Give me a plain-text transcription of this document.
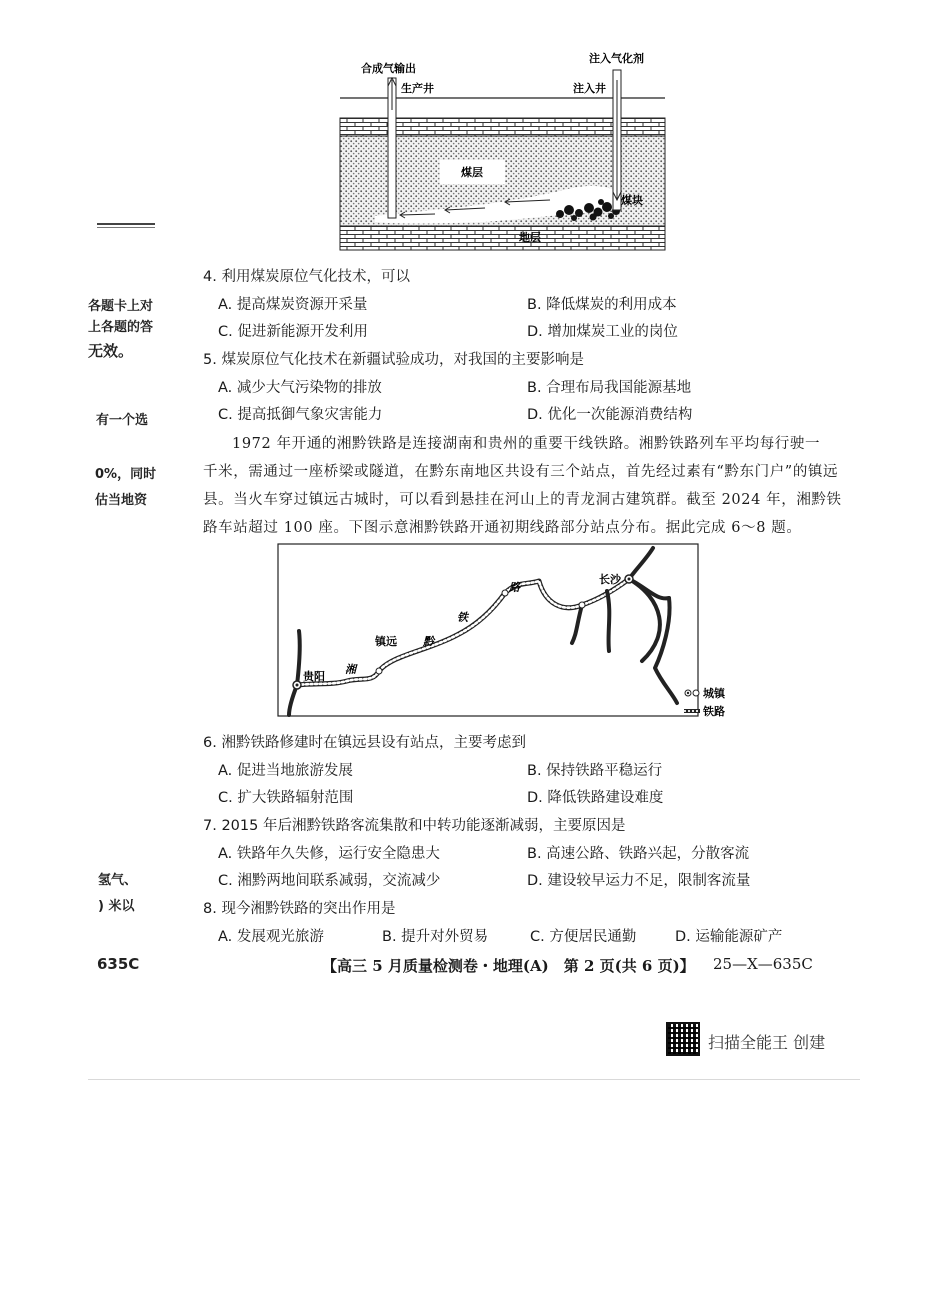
合成气输出
生产井
注入气化剂
注入井
煤层
煤块
地层
4. 利用煤炭原位气化技术，可以
A. 提高煤炭资源开采量	B. 降低煤炭的利用成本
C. 促进新能源开发利用	D. 增加煤炭工业的岗位
5. 煤炭原位气化技术在新疆试验成功，对我国的主要影响是
A. 减少大气污染物的排放	B. 合理布局我国能源基地
C. 提高抵御气象灾害能力	D. 优化一次能源消费结构
1972 年开通的湘黔铁路是连接湖南和贵州的重要干线铁路。湘黔铁路列车平均每行驶一
千米，需通过一座桥梁或隧道，在黔东南地区共设有三个站点，首先经过素有“黔东门户”的镇远
县。当火车穿过镇远古城时，可以看到悬挂在河山上的青龙洞古建筑群。截至 2024 年，湘黔铁
路车站超过 100 座。下图示意湘黔铁路开通初期线路部分站点分布。据此完成 6～8 题。
贵阳
镇远
长沙
湘
黔
铁
路
城镇
铁路
6. 湘黔铁路修建时在镇远县设有站点，主要考虑到
A. 促进当地旅游发展	B. 保持铁路平稳运行
C. 扩大铁路辐射范围	D. 降低铁路建设难度
7. 2015 年后湘黔铁路客流集散和中转功能逐渐减弱，主要原因是
A. 铁路年久失修，运行安全隐患大	B. 高速公路、铁路兴起，分散客流
C. 湘黔两地间联系减弱，交流减少	D. 建设较早运力不足，限制客流量
8. 现今湘黔铁路的突出作用是
A. 发展观光旅游	B. 提升对外贸易	C. 方便居民通勤	D. 运输能源矿产
各题卡上对
上各题的答
无效。
有一个选
0%，同时
估当地资
氢气、
) 米以
635C	【高三 5 月质量检测卷・地理(A)　第 2 页(共 6 页)】 25—X—635C
扫描全能王 创建
